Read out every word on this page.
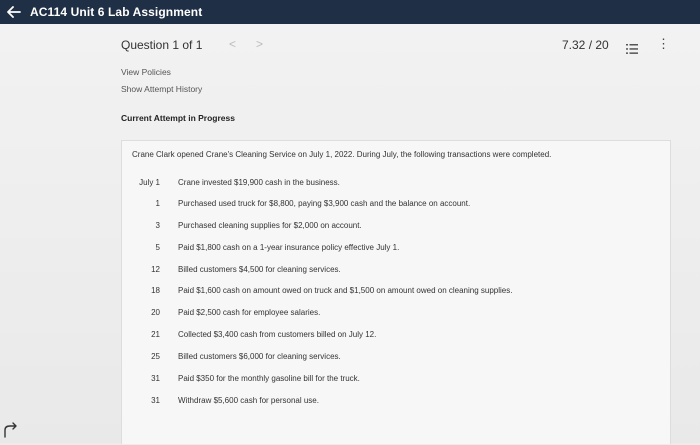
AC114 Unit 6 Lab Assignment
Question 1 of 1 < >	7.32 / 20	⋮
View Policies
Show Attempt History
Current Attempt in Progress
Crane Clark opened Crane's Cleaning Service on July 1, 2022. During July, the following transactions were completed.
July 1 Crane invested $19,900 cash in the business.
1 Purchased used truck for $8,800, paying $3,900 cash and the balance on account.
3 Purchased cleaning supplies for $2,000 on account.
5 Paid $1,800 cash on a 1-year insurance policy effective July 1.
12 Billed customers $4,500 for cleaning services.
18 Paid $1,600 cash on amount owed on truck and $1,500 on amount owed on cleaning supplies.
20 Paid $2,500 cash for employee salaries.
21 Collected $3,400 cash from customers billed on July 12.
25 Billed customers $6,000 for cleaning services.
31 Paid $350 for the monthly gasoline bill for the truck.
31 Withdraw $5,600 cash for personal use.
